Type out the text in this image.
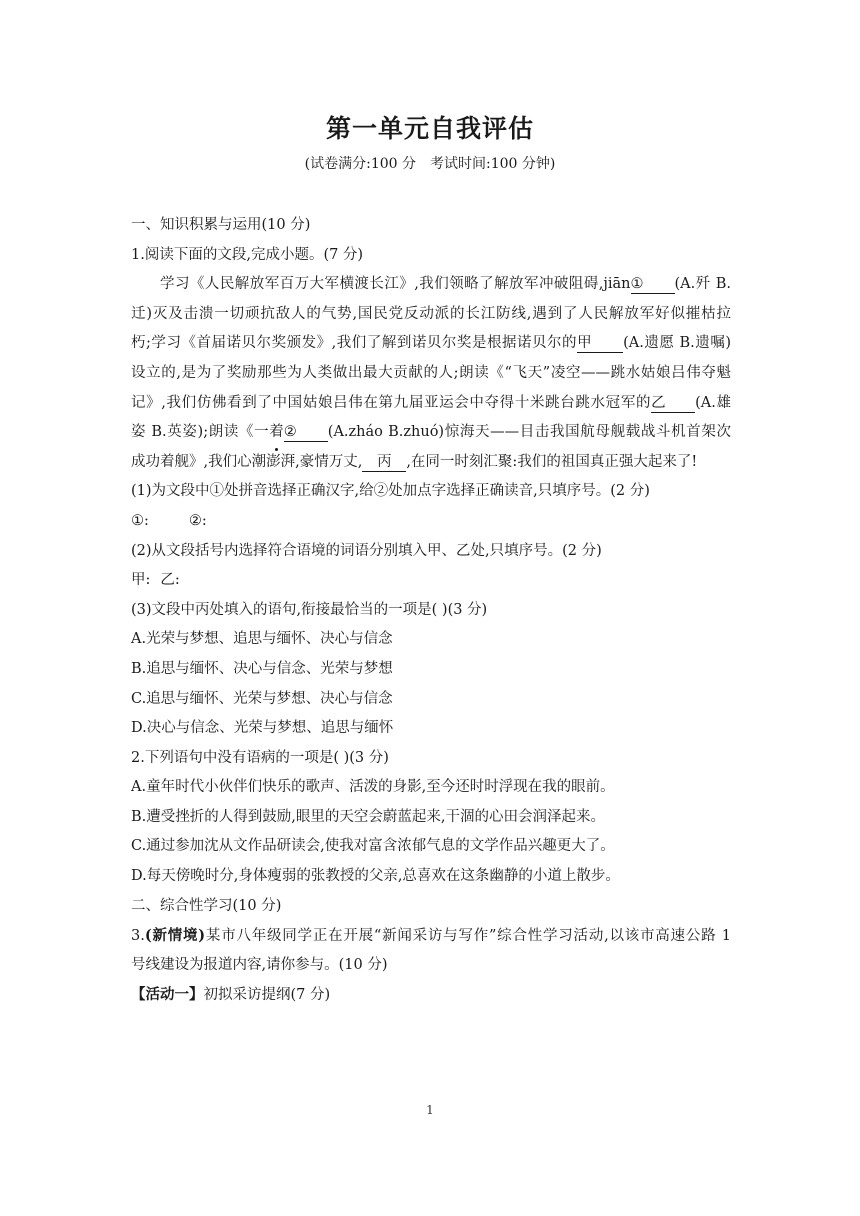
第一单元自我评估
(试卷满分:100 分 考试时间:100 分钟)
一、知识积累与运用(10 分)
1.阅读下面的文段,完成小题。(7 分)
学习《人民解放军百万大军横渡长江》,我们领略了解放军冲破阻碍,jiān① (A.歼 B.
迁)灭及击溃一切顽抗敌人的气势,国民党反动派的长江防线,遇到了人民解放军好似摧枯拉
朽;学习《首届诺贝尔奖颁发》,我们了解到诺贝尔奖是根据诺贝尔的甲 (A.遗愿 B.遗嘱)
设立的,是为了奖励那些为人类做出最大贡献的人;朗读《“飞天”凌空——跳水姑娘吕伟夺魁
记》,我们仿佛看到了中国姑娘吕伟在第九届亚运会中夺得十米跳台跳水冠军的乙 (A.雄
姿 B.英姿);朗读《一着② (A.zháo B.zhuó)惊海天——目击我国航母舰载战斗机首架次
成功着舰》,我们心潮澎湃,豪情万丈, 丙 ,在同一时刻汇聚:我们的祖国真正强大起来了!
(1)为文段中①处拼音选择正确汉字,给②处加点字选择正确读音,只填序号。(2 分)
①:	②:
(2)从文段括号内选择符合语境的词语分别填入甲、乙处,只填序号。(2 分)
甲: 乙:
(3)文段中丙处填入的语句,衔接最恰当的一项是( )(3 分)
A.光荣与梦想、追思与缅怀、决心与信念
B.追思与缅怀、决心与信念、光荣与梦想
C.追思与缅怀、光荣与梦想、决心与信念
D.决心与信念、光荣与梦想、追思与缅怀
2.下列语句中没有语病的一项是( )(3 分)
A.童年时代小伙伴们快乐的歌声、活泼的身影,至今还时时浮现在我的眼前。
B.遭受挫折的人得到鼓励,眼里的天空会蔚蓝起来,干涸的心田会润泽起来。
C.通过参加沈从文作品研读会,使我对富含浓郁气息的文学作品兴趣更大了。
D.每天傍晚时分,身体瘦弱的张教授的父亲,总喜欢在这条幽静的小道上散步。
二、综合性学习(10 分)
3.(新情境)某市八年级同学正在开展“新闻采访与写作”综合性学习活动,以该市高速公路 1
号线建设为报道内容,请你参与。(10 分)
【活动一】初拟采访提纲(7 分)
1
